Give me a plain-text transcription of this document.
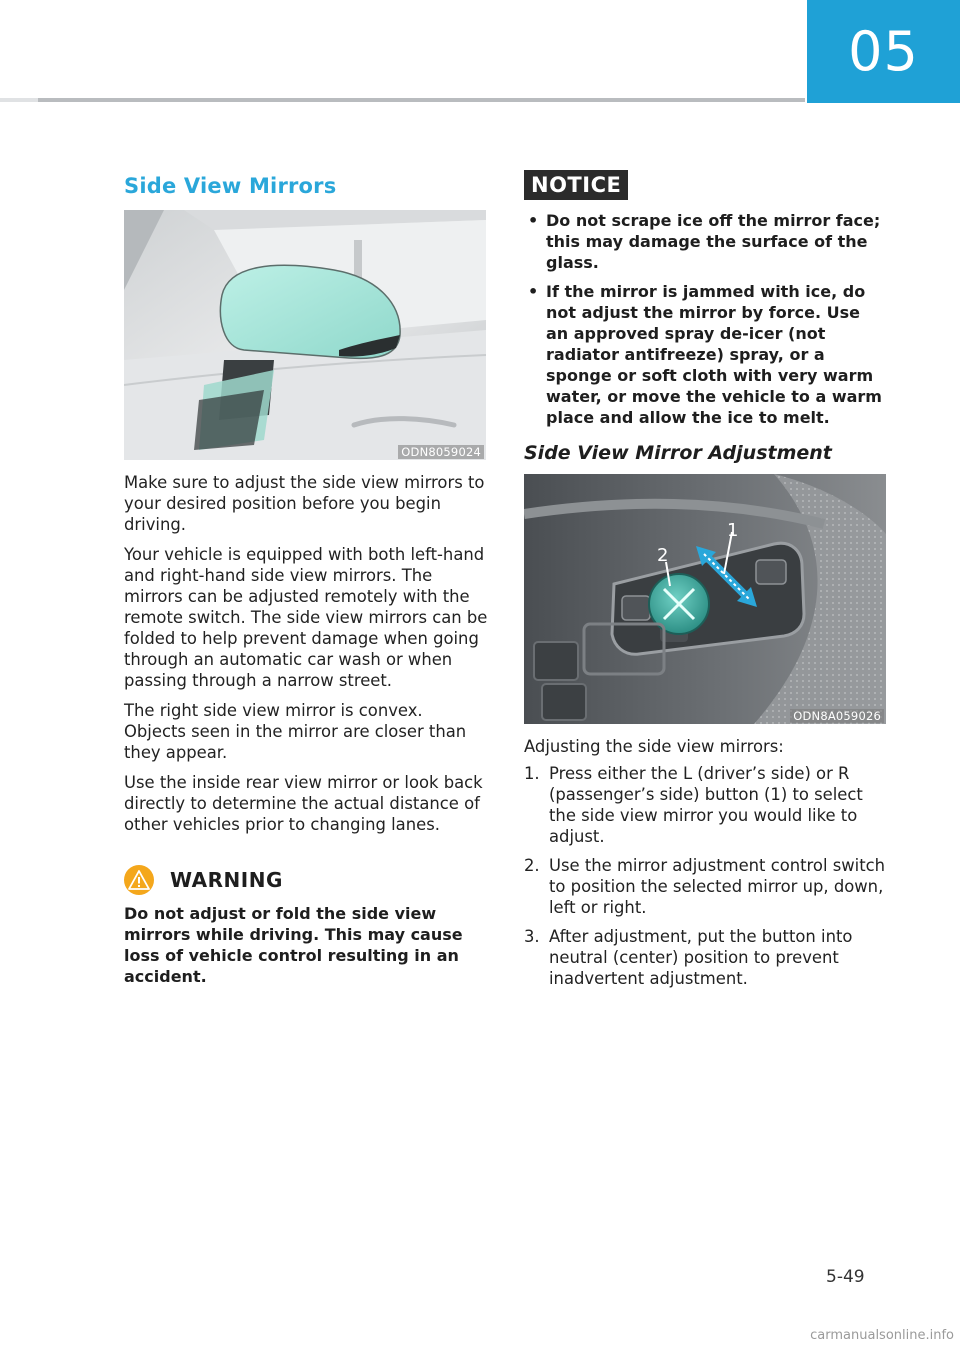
05
Side View Mirrors
ODN8059024

Make sure to adjust the side view mirrors to your desired position before you begin driving.

Your vehicle is equipped with both left-hand and right-hand side view mirrors. The mirrors can be adjusted remotely with the remote switch. The side view mirrors can be folded to help prevent damage when going through an automatic car wash or when passing through a narrow street.

The right side view mirror is convex. Objects seen in the mirror are closer than they appear.

Use the inside rear view mirror or look back directly to determine the actual distance of other vehicles prior to changing lanes.

WARNING

Do not adjust or fold the side view mirrors while driving. This may cause loss of vehicle control resulting in an accident.

NOTICE
• Do not scrape ice off the mirror face; this may damage the surface of the glass.
• If the mirror is jammed with ice, do not adjust the mirror by force. Use an approved spray de-icer (not radiator antifreeze) spray, or a sponge or soft cloth with very warm water, or move the vehicle to a warm place and allow the ice to melt.
Side View Mirror Adjustment
1
2
ODN8A059026

Adjusting the side view mirrors:

1. Press either the L (driver’s side) or R (passenger’s side) button (1) to select the side view mirror you would like to adjust.
2. Use the mirror adjustment control switch to position the selected mirror up, down, left or right.
3. After adjustment, put the button into neutral (center) position to prevent inadvertent adjustment.
5-49
carmanualsonline.info
